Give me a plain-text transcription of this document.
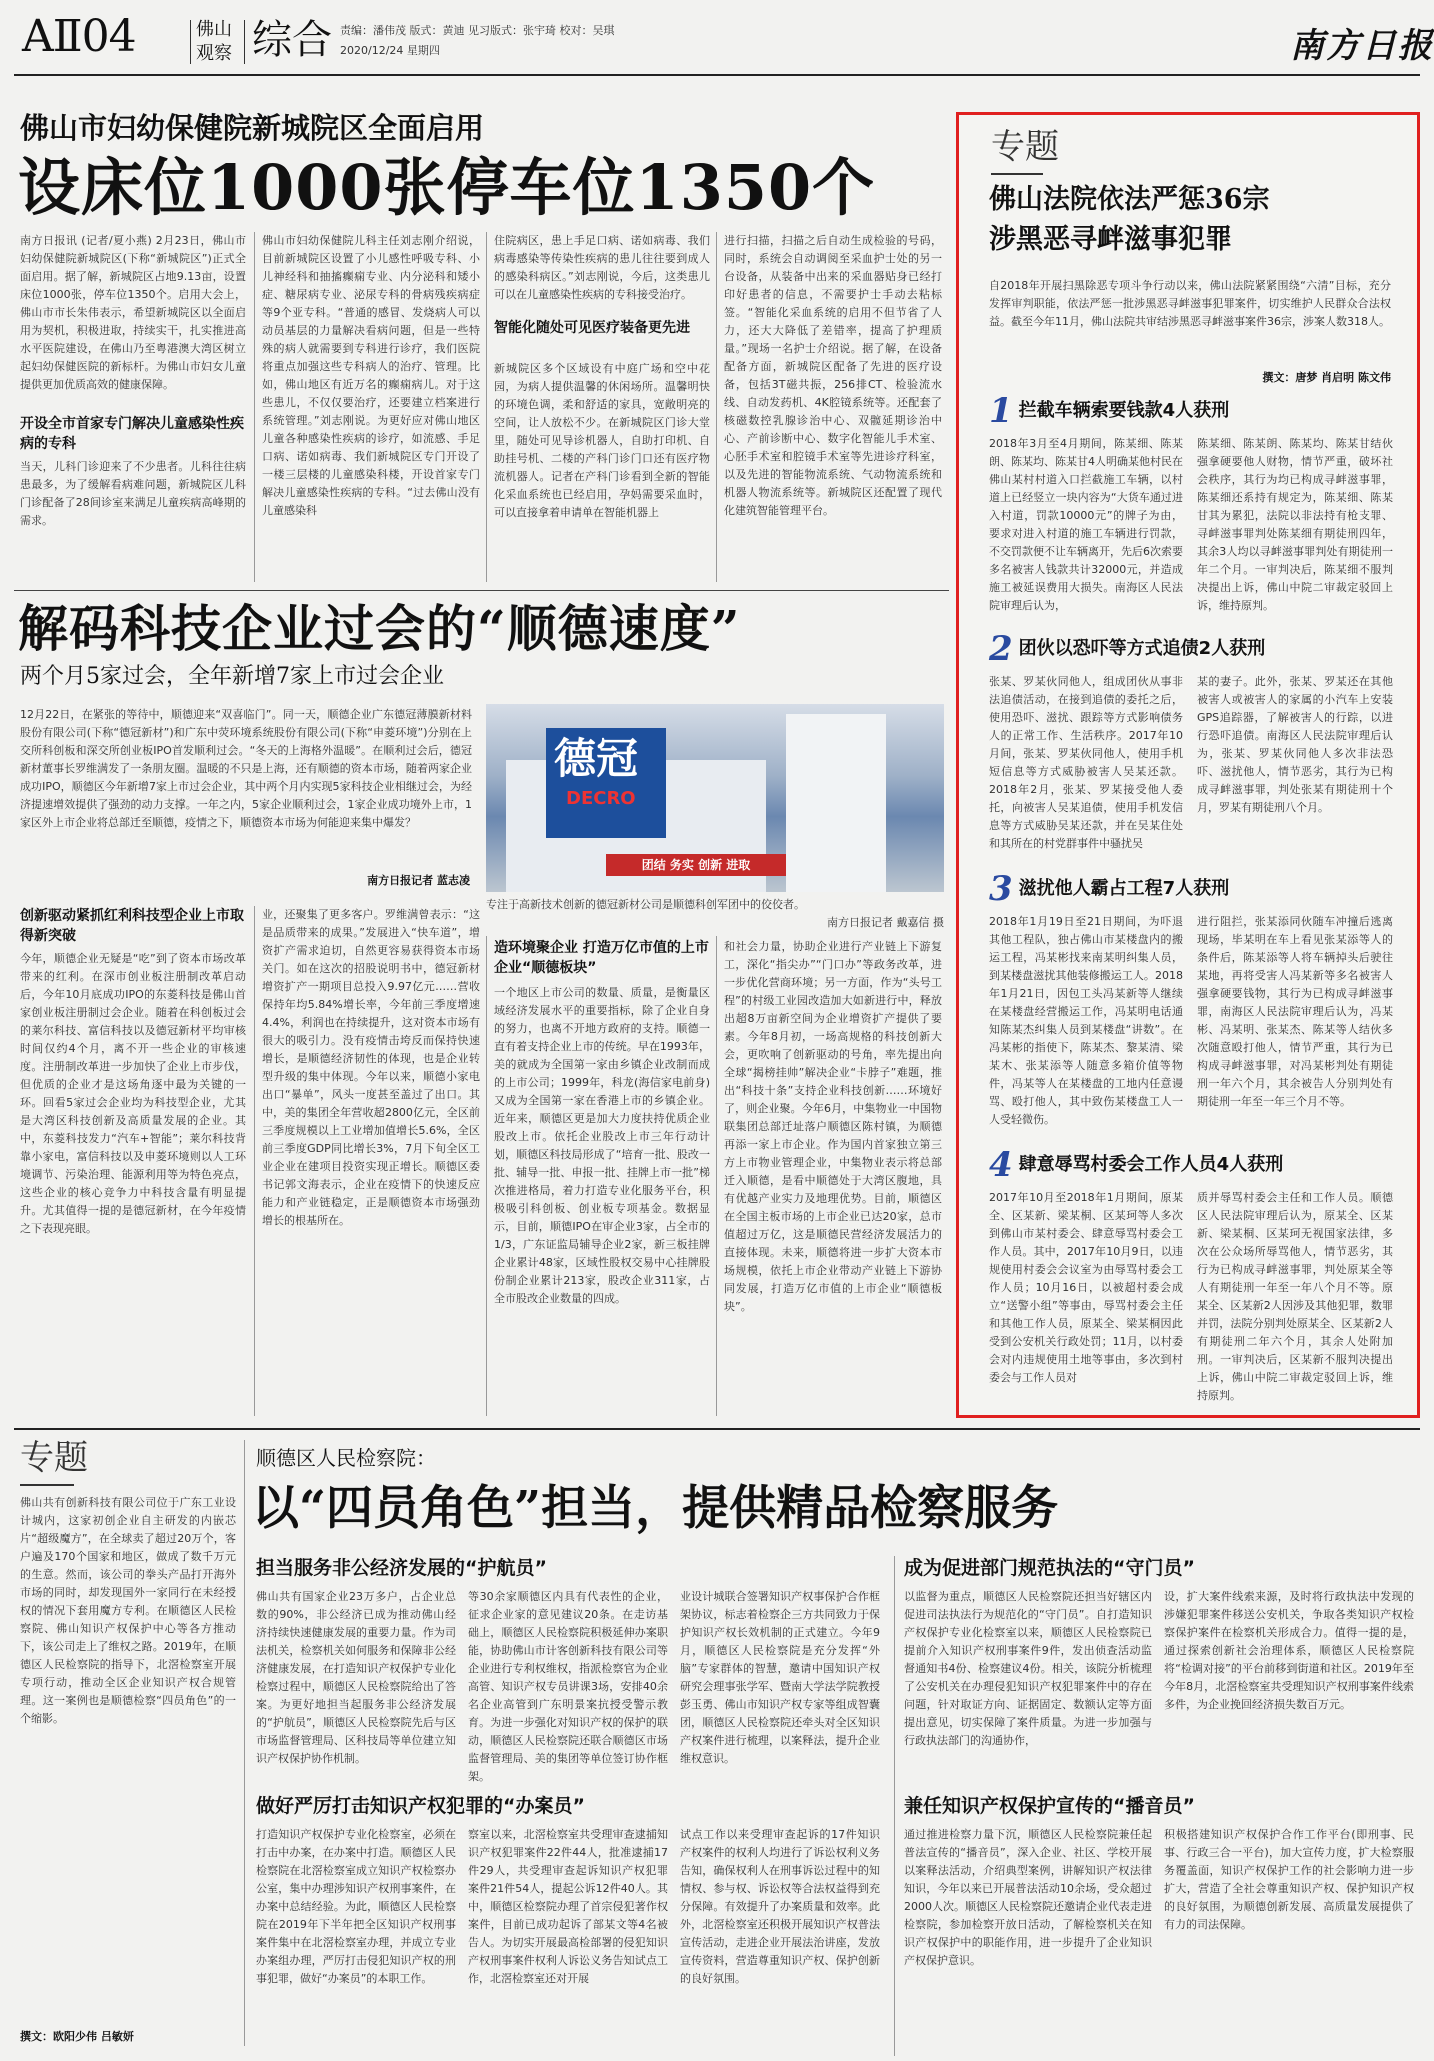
AⅡ04	佛山观察 综合 责编：潘伟茂 版式：黄迪 见习版式：张宇琦 校对：吴琪
2020/12/24 星期四	南方日报
佛山市妇幼保健院新城院区全面启用
设床位1000张停车位1350个
南方日报讯 (记者/夏小燕) 2月23日，佛山市妇幼保健院新城院区(下称“新城院区”)正式全面启用。据了解，新城院区占地9.13亩，设置床位1000张，停车位1350个。启用大会上，佛山市市长朱伟表示，希望新城院区以全面启用为契机，积极进取，持续实干，扎实推进高水平医院建设，在佛山乃至粤港澳大湾区树立起妇幼保健医院的新标杆。为佛山市妇女儿童提供更加优质高效的健康保障。
开设全市首家专门解决儿童感染性疾病的专科
当天，儿科门诊迎来了不少患者。儿科往往病患最多，为了缓解看病难问题，新城院区儿科门诊配备了28间诊室来满足儿童疾病高峰期的需求。
佛山市妇幼保健院儿科主任刘志刚介绍说，目前新城院区设置了小儿感性呼吸专科、小儿神经科和抽搐癫痫专业、内分泌科和矮小症、糖尿病专业、泌尿专科的骨病残疾病症等9个亚专科。“普通的感冒、发烧病人可以动员基层的力量解决看病问题，但是一些特殊的病人就需要到专科进行诊疗，我们医院将重点加强这些专科病人的治疗、管理。比如，佛山地区有近万名的癫痫病儿。对于这些患儿，不仅仅要治疗，还要建立档案进行系统管理。”刘志刚说。为更好应对佛山地区儿童各种感染性疾病的诊疗，如流感、手足口病、诺如病毒、我们新城院区专门开设了一楼三层楼的儿童感染科楼，开设首家专门解决儿童感染性疾病的专科。“过去佛山没有儿童感染科
住院病区，患上手足口病、诺如病毒、我们病毒感染等传染性疾病的患儿往往要到成人的感染科病区。”刘志刚说，今后，这类患儿可以在儿童感染性疾病的专科接受治疗。
智能化随处可见医疗装备更先进
新城院区多个区域设有中庭广场和空中花园，为病人提供温馨的休闲场所。温馨明快的环境色调，柔和舒适的家具，宽敞明亮的空间，让人放松不少。在新城院区门诊大堂里，随处可见导诊机器人，自助打印机、自助挂号机、二楼的产科门诊门口还有医疗物流机器人。记者在产科门诊看到全新的智能化采血系统也已经启用，孕妈需要采血时，可以直接拿着申请单在智能机器上
进行扫描，扫描之后自动生成检验的号码，同时，系统会自动调阅至采血护士处的另一台设备，从装备中出来的采血器贴身已经打印好患者的信息，不需要护士手动去粘标签。“智能化采血系统的启用不但节省了人力，还大大降低了差错率，提高了护理质量。”现场一名护士介绍说。据了解，在设备配备方面，新城院区配备了先进的医疗设备，包括3T磁共振，256排CT、检验流水线、自动发药机、4K腔镜系统等。还配套了核磁数控乳腺诊治中心、双髋延期诊治中心、产前诊断中心、数字化智能儿手术室、心胚手术室和腔镜手术室等先进诊疗科室，以及先进的智能物流系统、气动物流系统和机器人物流系统等。新城院区还配置了现代化建筑智能管理平台。
解码科技企业过会的“顺德速度”
两个月5家过会，全年新增7家上市过会企业
12月22日，在紧张的等待中，顺德迎来“双喜临门”。同一天，顺德企业广东德冠薄膜新材料股份有限公司(下称“德冠新材”)和广东中荧环境系统股份有限公司(下称“申菱环境”)分别在上交所科创板和深交所创业板IPO首发顺利过会。“冬天的上海格外温暖”。在顺利过会后，德冠新材董事长罗维满发了一条朋友圈。温暖的不只是上海，还有顺德的资本市场，随着两家企业成功IPO，顺德区今年新增7家上市过会企业，其中两个月内实现5家科技企业相继过会，为经济提速增效提供了强劲的动力支撑。一年之内，5家企业顺利过会，1家企业成功境外上市，1家区外上市企业将总部迁至顺德，疫情之下，顺德资本市场为何能迎来集中爆发？
南方日报记者 蓝志凌
德冠
DECRO
团结 务实 创新 进取
专注于高新技术创新的德冠新材公司是顺德科创军团中的佼佼者。
南方日报记者 戴嘉信 摄
创新驱动紧抓红利科技型企业上市取得新突破
今年，顺德企业无疑是“吃”到了资本市场改革带来的红利。在深市创业板注册制改革启动后，今年10月底成功IPO的东菱科技是佛山首家创业板注册制过会企业。随着在科创板过会的莱尔科技、富信科技以及德冠新材平均审核时间仅约4个月，离不开一些企业的审核速度。注册制改革进一步加快了企业上市步伐，但优质的企业才是这场角逐中最为关键的一环。回看5家过会企业均为科技型企业，尤其是大湾区科技创新及高质量发展的企业。其中，东菱科技发力“汽车+智能”；莱尔科技背靠小家电，富信科技以及申菱环境则以人工环境调节、污染治理、能源利用等为特色亮点，这些企业的核心竞争力中科技含量有明显提升。尤其值得一提的是德冠新材，在今年疫情之下表现亮眼。
业，还聚集了更多客户。罗维满曾表示：“这是品质带来的成果。”发展进入“快车道”，增资扩产需求迫切，自然更容易获得资本市场关门。如在这次的招股说明书中，德冠新材增资扩产一期项目总投入9.97亿元……营收保持年均5.84%增长率，今年前三季度增速4.4%，利润也在持续提升，这对资本市场有很大的吸引力。没有疫情击垮反而保持快速增长，是顺德经济韧性的体现，也是企业转型升级的集中体现。今年以来，顺德小家电出口“暴单”，风头一度甚至盖过了出口。其中，美的集团全年营收超2800亿元，全区前三季度规模以上工业增加值增长5.6%，全区前三季度GDP同比增长3%，7月下旬全区工业企业在建项目投资实现正增长。顺德区委书记郭文海表示，企业在疫情下的快速反应能力和产业链稳定，正是顺德资本市场强劲增长的根基所在。
造环境聚企业 打造万亿市值的上市企业“顺德板块”
一个地区上市公司的数量、质量，是衡量区域经济发展水平的重要指标，除了企业自身的努力，也离不开地方政府的支持。顺德一直有着支持企业上市的传统。早在1993年，美的就成为全国第一家由乡镇企业改制而成的上市公司；1999年，科龙(海信家电前身)又成为全国第一家在香港上市的乡镇企业。近年来，顺德区更是加大力度扶持优质企业股改上市。依托企业股改上市三年行动计划，顺德区科技局形成了“培育一批、股改一批、辅导一批、申报一批、挂牌上市一批”梯次推进格局，着力打造专业化服务平台，积极吸引科创板、创业板专项基金。数据显示，目前，顺德IPO在审企业3家，占全市的1/3，广东证监局辅导企业2家，新三板挂牌企业累计48家，区域性股权交易中心挂牌股份制企业累计213家，股改企业311家，占全市股改企业数量的四成。
和社会力量，协助企业进行产业链上下游复工，深化“指尖办”“门口办”等政务改革，进一步优化营商环境；另一方面，作为“头号工程”的村级工业园改造加大如新进行中，释放出超8万亩新空间为企业增资扩产提供了要素。今年8月初，一场高规格的科技创新大会，更吹响了创新驱动的号角，率先提出向全球“揭榜挂帅”解决企业“卡脖子”难题，推出“科技十条”支持企业科技创新……环境好了，则企业聚。今年6月，中集物业一中国物联集团总部迁址落户顺德区陈村镇，为顺德再添一家上市企业。作为国内首家独立第三方上市物业管理企业，中集物业表示将总部迁入顺德，是看中顺德处于大湾区腹地，具有优越产业实力及地理优势。目前，顺德区在全国主板市场的上市企业已达20家，总市值超过万亿，这是顺德民营经济发展活力的直接体现。未来，顺德将进一步扩大资本市场规模，依托上市企业带动产业链上下游协同发展，打造万亿市值的上市企业“顺德板块”。
专题
佛山法院依法严惩36宗
涉黑恶寻衅滋事犯罪
自2018年开展扫黑除恶专项斗争行动以来，佛山法院紧紧围绕“六清”目标，充分发挥审判职能，依法严惩一批涉黑恶寻衅滋事犯罪案件，切实维护人民群众合法权益。截至今年11月，佛山法院共审结涉黑恶寻衅滋事案件36宗，涉案人数318人。
撰文：唐梦 肖启明 陈文伟
1 拦截车辆索要钱款4人获刑
2018年3月至4月期间，陈某细、陈某朗、陈某均、陈某甘4人明确某他村民在佛山某村村道入口拦截施工车辆，以村道上已经竖立一块内容为“大货车通过进入村道，罚款10000元”的牌子为由，要求对进入村道的施工车辆进行罚款，不交罚款便不让车辆离开，先后6次索要多名被害人钱款共计32000元，并造成施工被延误费用大损失。南海区人民法院审理后认为，
陈某细、陈某朗、陈某均、陈某甘结伙强拿硬要他人财物，情节严重，破坏社会秩序，其行为均已构成寻衅滋事罪，陈某细还系持有规定为，陈某细、陈某甘其为累犯，法院以非法持有枪支罪、寻衅滋事罪判处陈某细有期徒刑四年，其余3人均以寻衅滋事罪判处有期徒刑一年二个月。一审判决后，陈某细不服判决提出上诉，佛山中院二审裁定驳回上诉，维持原判。
2 团伙以恐吓等方式追债2人获刑
张某、罗某伙同他人，组成团伙从事非法追债活动，在接到追债的委托之后，使用恐吓、滋扰、跟踪等方式影响债务人的正常工作、生活秩序。2017年10月间，张某、罗某伙同他人，使用手机短信息等方式威胁被害人吴某还款。2018年2月，张某、罗某接受他人委托，向被害人吴某追债，使用手机发信息等方式威胁吴某还款，并在吴某住处和其所在的村党群事件中骚扰吴
某的妻子。此外，张某、罗某还在其他被害人或被害人的家属的小汽车上安装GPS追踪器，了解被害人的行踪，以进行恐吓追债。南海区人民法院审理后认为，张某、罗某伙同他人多次非法恐吓、滋扰他人，情节恶劣，其行为已构成寻衅滋事罪，判处张某有期徒刑十个月，罗某有期徒刑八个月。
3 滋扰他人霸占工程7人获刑
2018年1月19日至21日期间，为吓退其他工程队，独占佛山市某楼盘内的搬运工程，冯某彬找来南某明纠集人员，到某楼盘滋扰其他装修搬运工人。2018年1月21日，因包工头冯某新等人继续在某楼盘经营搬运工作，冯某明电话通知陈某杰纠集人员到某楼盘“讲数”。在冯某彬的指使下，陈某杰、黎某清、梁某木、张某添等人随意多箱价值等物件，冯某等人在某楼盘的工地内任意谩骂、殴打他人，其中致伤某楼盘工人一人受轻微伤。
进行阻拦，张某添同伙随车冲撞后逃离现场，毕某明在车上看见张某添等人的条件后，陈某添等人将车辆掉头后驶往某地，再将受害人冯某新等多名被害人强拿硬要钱物，其行为已构成寻衅滋事罪，南海区人民法院审理后认为，冯某彬、冯某明、张某杰、陈某等人结伙多次随意殴打他人，情节严重，其行为已构成寻衅滋事罪，对冯某彬判处有期徒刑一年六个月，其余被告人分别判处有期徒刑一年至一年三个月不等。
4 肆意辱骂村委会工作人员4人获刑
2017年10月至2018年1月期间，原某全、区某新、梁某桐、区某珂等人多次到佛山市某村委会、肆意辱骂村委会工作人员。其中，2017年10月9日，以违规使用村委会会议室为由辱骂村委会工作人员；10月16日，以被超村委会成立“送警小组”等事由，辱骂村委会主任和其他工作人员，原某全、梁某桐因此受到公安机关行政处罚；11月，以村委会对内违规使用土地等事由，多次到村委会与工作人员对
质并辱骂村委会主任和工作人员。顺德区人民法院审理后认为，原某全、区某新、梁某桐、区某珂无视国家法律，多次在公众场所辱骂他人，情节恶劣，其行为已构成寻衅滋事罪，判处原某全等人有期徒刑一年至一年八个月不等。原某全、区某新2人因涉及其他犯罪，数罪并罚，法院分别判处原某全、区某新2人有期徒刑二年六个月，其余人处附加刑。一审判决后，区某新不服判决提出上诉，佛山中院二审裁定驳回上诉，维持原判。
专题
佛山共有创新科技有限公司位于广东工业设计城内，这家初创企业自主研发的内嵌芯片“超级魔方”，在全球卖了超过20万个，客户遍及170个国家和地区，做成了数千万元的生意。然而，该公司的拳头产品打开海外市场的同时，却发现国外一家同行在未经授权的情况下套用魔方专利。在顺德区人民检察院、佛山知识产权保护中心等各方推动下，该公司走上了维权之路。2019年，在顺德区人民检察院的指导下，北滘检察室开展专项行动，推动全区企业知识产权合规管理。这一案例也是顺德检察“四员角色”的一个缩影。
撰文：欧阳少伟 吕敏妍
顺德区人民检察院：
以“四员角色”担当，提供精品检察服务
担当服务非公经济发展的“护航员”
佛山共有国家企业23万多户，占企业总数的90%，非公经济已成为推动佛山经济持续快速健康发展的重要力量。作为司法机关，检察机关如何服务和保障非公经济健康发展，在打造知识产权保护专业化检察过程中，顺德区人民检察院给出了答案。为更好地担当起服务非公经济发展的“护航员”，顺德区人民检察院先后与区市场监督管理局、区科技局等单位建立知识产权保护协作机制。
等30余家顺德区内具有代表性的企业，征求企业家的意见建议20条。在走访基础上，顺德区人民检察院积极延伸办案职能，协助佛山市计客创新科技有限公司等企业进行专利权维权，指派检察官为企业高管、知识产权专员讲课3场，安排40余名企业高管到广东明景案抗授受警示教育。为进一步强化对知识产权的保护的联动，顺德区人民检察院还联合顺德区市场监督管理局、美的集团等单位签订协作框架。
业设计城联合签署知识产权事保护合作框架协议，标志着检察企三方共同致力于保护知识产权长效机制的正式建立。今年9月，顺德区人民检察院是充分发挥“外脑”专家群体的智慧，邀请中国知识产权研究会理事张学军、暨南大学法学院教授彭玉勇、佛山市知识产权专家等组成智囊团，顺德区人民检察院还牵头对全区知识产权案件进行梳理，以案释法，提升企业维权意识。
做好严厉打击知识产权犯罪的“办案员”
打造知识产权保护专业化检察室，必须在打击中办案，在办案中打造。顺德区人民检察院在北滘检察室成立知识产权检察办公室，集中办理涉知识产权刑事案件，在办案中总结经验。为此，顺德区人民检察院在2019年下半年把全区知识产权刑事案件集中在北滘检察室办理，并成立专业办案组办理，严厉打击侵犯知识产权的刑事犯罪，做好“办案员”的本职工作。
察室以来，北滘检察室共受理审查逮捕知识产权犯罪案件22件44人，批准逮捕17件29人，共受理审查起诉知识产权犯罪案件21件54人，提起公诉12件40人。其中，顺德区检察院办理了首宗侵犯著作权案件，目前已成功起诉了部某文等4名被告人。为切实开展最高检部署的侵犯知识产权刑事案件权利人诉讼义务告知试点工作，北滘检察室还对开展
试点工作以来受理审查起诉的17件知识产权案件的权利人均进行了诉讼权利义务告知，确保权利人在刑事诉讼过程中的知情权、参与权、诉讼权等合法权益得到充分保障。有效提升了办案质量和效率。此外，北滘检察室还积极开展知识产权普法宣传活动，走进企业开展法治讲座，发放宣传资料，营造尊重知识产权、保护创新的良好氛围。
成为促进部门规范执法的“守门员”
以监督为重点，顺德区人民检察院还担当好辖区内促进司法执法行为规范化的“守门员”。自打造知识产权保护专业化检察室以来，顺德区人民检察院已提前介入知识产权刑事案件9件，发出侦查活动监督通知书4份、检察建议4份。相关，该院分析梳理了公安机关在办理侵犯知识产权犯罪案件中的存在问题，针对取证方向、证据固定、数额认定等方面提出意见，切实保障了案件质量。为进一步加强与行政执法部门的沟通协作，
设，扩大案件线索来源，及时将行政执法中发现的涉嫌犯罪案件移送公安机关，争取各类知识产权检察保护案件在检察机关形成合力。值得一提的是，通过探索创新社会治理体系，顺德区人民检察院将“检调对接”的平台前移到街道和社区。2019年至今年8月，北滘检察室共受理知识产权刑事案件线索多件，为企业挽回经济损失数百万元。
兼任知识产权保护宣传的“播音员”
通过推进检察力量下沉，顺德区人民检察院兼任起普法宣传的“播音员”，深入企业、社区、学校开展以案释法活动，介绍典型案例，讲解知识产权法律知识，今年以来已开展普法活动10余场，受众超过2000人次。顺德区人民检察院还邀请企业代表走进检察院，参加检察开放日活动，了解检察机关在知识产权保护中的职能作用，进一步提升了企业知识产权保护意识。
积极搭建知识产权保护合作工作平台(即刑事、民事、行政三合一平台)，加大宣传力度，扩大检察服务覆盖面，知识产权保护工作的社会影响力进一步扩大，营造了全社会尊重知识产权、保护知识产权的良好氛围，为顺德创新发展、高质量发展提供了有力的司法保障。
